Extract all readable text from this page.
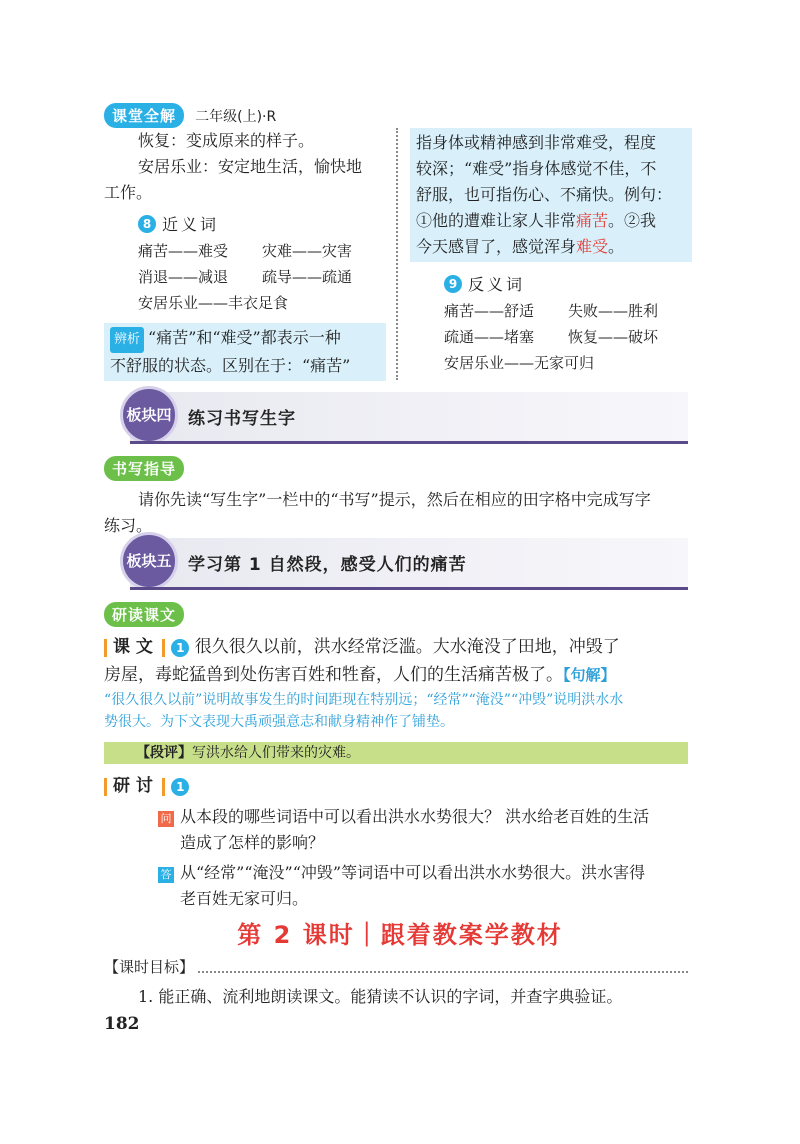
课堂全解 二年级(上)·R
恢复：变成原来的样子。
安居乐业：安定地生活，愉快地
工作。
8 近义词
痛苦——难受	灾难——灾害
消退——减退	疏导——疏通
安居乐业——丰衣足食
辨析 “痛苦”和“难受”都表示一种
不舒服的状态。区别在于：“痛苦”
指身体或精神感到非常难受，程度
较深；“难受”指身体感觉不佳，不
舒服，也可指伤心、不痛快。例句：
①他的遭难让家人非常痛苦。②我
今天感冒了，感觉浑身难受。
9 反义词
痛苦——舒适	失败——胜利
疏通——堵塞	恢复——破坏
安居乐业——无家可归
板块四 练习书写生字
书写指导
请你先读“写生字”一栏中的“书写”提示，然后在相应的田字格中完成写字
练习。
板块五 学习第 1 自然段，感受人们的痛苦
研读课文
课 文 1 很久很久以前，洪水经常泛滥。大水淹没了田地，冲毁了
房屋，毒蛇猛兽到处伤害百姓和牲畜，人们的生活痛苦极了。【句解】
“很久很久以前”说明故事发生的时间距现在特别远；“经常”“淹没”“冲毁”说明洪水水
势很大。为下文表现大禹顽强意志和献身精神作了铺垫。
【段评】写洪水给人们带来的灾难。
研 讨 1
问 从本段的哪些词语中可以看出洪水水势很大？ 洪水给老百姓的生活
造成了怎样的影响？
答 从“经常”“淹没”“冲毁”等词语中可以看出洪水水势很大。洪水害得
老百姓无家可归。
第 2 课时｜跟着教案学教材
【课时目标】
1. 能正确、流利地朗读课文。能猜读不认识的字词，并查字典验证。
182
